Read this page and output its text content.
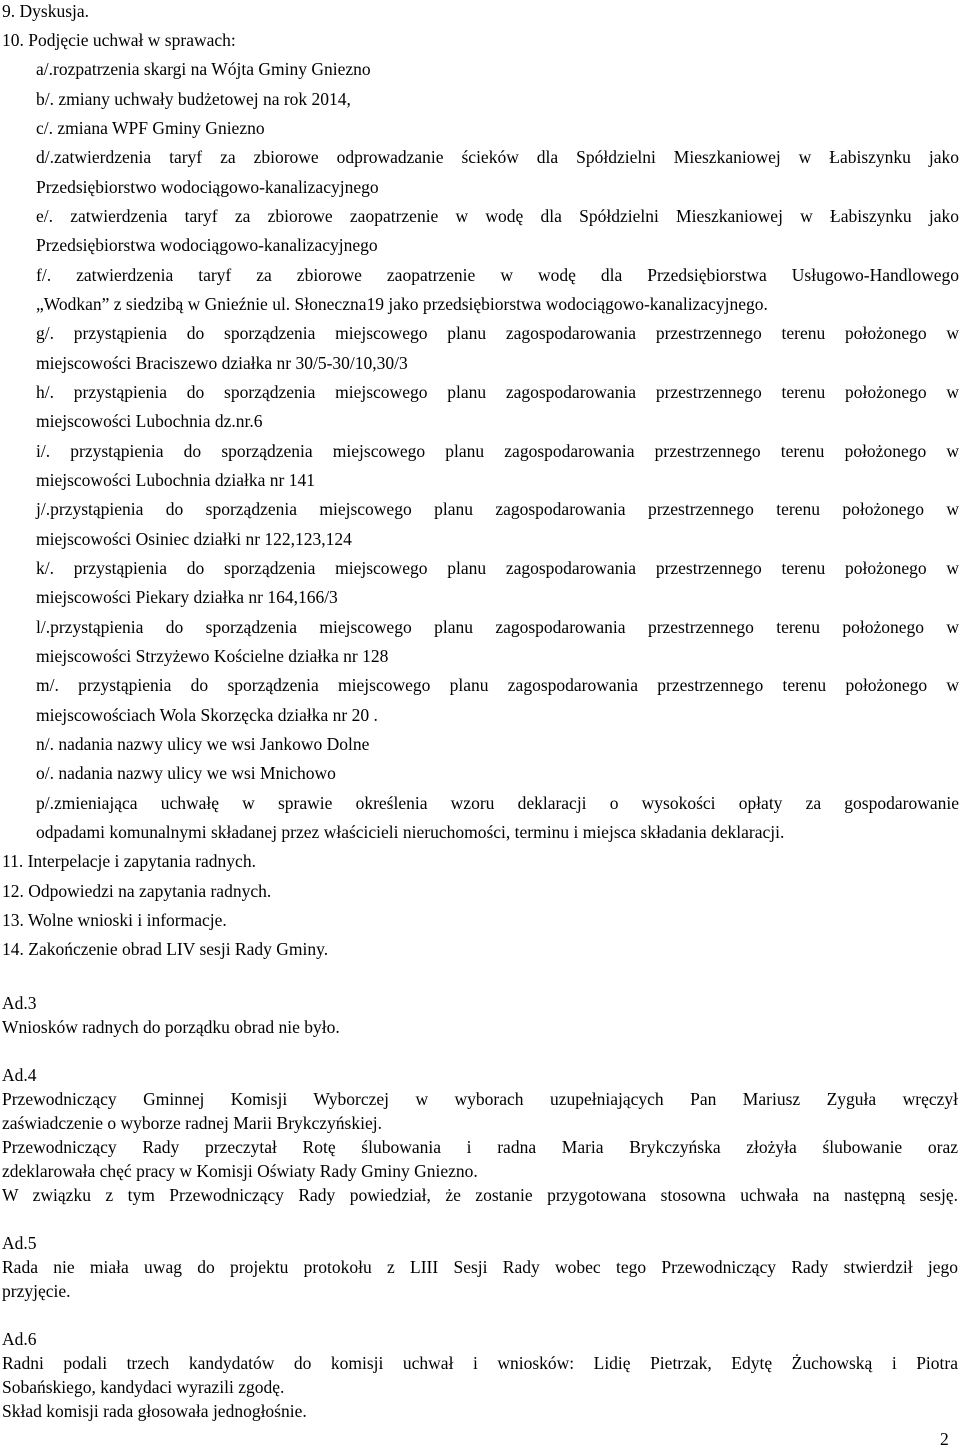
9. Dyskusja.

10. Podjęcie uchwał w sprawach:

a/.rozpatrzenia skargi na Wójta Gminy Gniezno

b/. zmiany uchwały budżetowej na rok 2014,

c/. zmiana WPF Gminy Gniezno

d/.zatwierdzenia taryf za zbiorowe odprowadzanie ścieków dla Spółdzielni Mieszkaniowej w Łabiszynku jako

Przedsiębiorstwo wodociągowo-kanalizacyjnego

e/. zatwierdzenia taryf za zbiorowe zaopatrzenie w wodę dla Spółdzielni Mieszkaniowej w Łabiszynku jako

Przedsiębiorstwa wodociągowo-kanalizacyjnego

f/. zatwierdzenia taryf za zbiorowe zaopatrzenie w wodę dla Przedsiębiorstwa Usługowo-Handlowego

„Wodkan” z siedzibą w Gnieźnie ul. Słoneczna19 jako przedsiębiorstwa wodociągowo-kanalizacyjnego.

g/. przystąpienia do sporządzenia miejscowego planu zagospodarowania przestrzennego terenu położonego w

miejscowości Braciszewo działka nr 30/5-30/10,30/3

h/. przystąpienia do sporządzenia miejscowego planu zagospodarowania przestrzennego terenu położonego w

miejscowości Lubochnia dz.nr.6

i/. przystąpienia do sporządzenia miejscowego planu zagospodarowania przestrzennego terenu położonego w

miejscowości Lubochnia działka nr 141

j/.przystąpienia do sporządzenia miejscowego planu zagospodarowania przestrzennego terenu położonego w

miejscowości Osiniec działki nr 122,123,124

k/. przystąpienia do sporządzenia miejscowego planu zagospodarowania przestrzennego terenu położonego w

miejscowości Piekary działka nr 164,166/3

l/.przystąpienia do sporządzenia miejscowego planu zagospodarowania przestrzennego terenu położonego w

miejscowości Strzyżewo Kościelne działka nr 128

m/. przystąpienia do sporządzenia miejscowego planu zagospodarowania przestrzennego terenu położonego w

miejscowościach Wola Skorzęcka działka nr 20 .

n/. nadania nazwy ulicy we wsi Jankowo Dolne

o/. nadania nazwy ulicy we wsi Mnichowo

p/.zmieniająca uchwałę w sprawie określenia wzoru deklaracji o wysokości opłaty za gospodarowanie

odpadami komunalnymi składanej przez właścicieli nieruchomości, terminu i miejsca składania deklaracji.

11. Interpelacje i zapytania radnych.

12. Odpowiedzi na zapytania radnych.

13. Wolne wnioski i informacje.

14. Zakończenie obrad LIV sesji Rady Gminy.

Ad.3

Wniosków radnych do porządku obrad nie było.

Ad.4

Przewodniczący Gminnej Komisji Wyborczej w wyborach uzupełniających Pan Mariusz Zyguła wręczył

zaświadczenie o wyborze radnej Marii Brykczyńskiej.

Przewodniczący Rady przeczytał Rotę ślubowania i radna Maria Brykczyńska złożyła ślubowanie oraz

zdeklarowała chęć pracy w Komisji Oświaty Rady Gminy Gniezno.

W związku z tym Przewodniczący Rady powiedział, że zostanie przygotowana stosowna uchwała na następną sesję.

Ad.5

Rada nie miała uwag do projektu protokołu z LIII Sesji Rady wobec tego Przewodniczący Rady stwierdził jego

przyjęcie.

Ad.6

Radni podali trzech kandydatów do komisji uchwał i wniosków: Lidię Pietrzak, Edytę Żuchowską i Piotra

Sobańskiego, kandydaci wyrazili zgodę.

Skład komisji rada głosowała jednogłośnie.

2
